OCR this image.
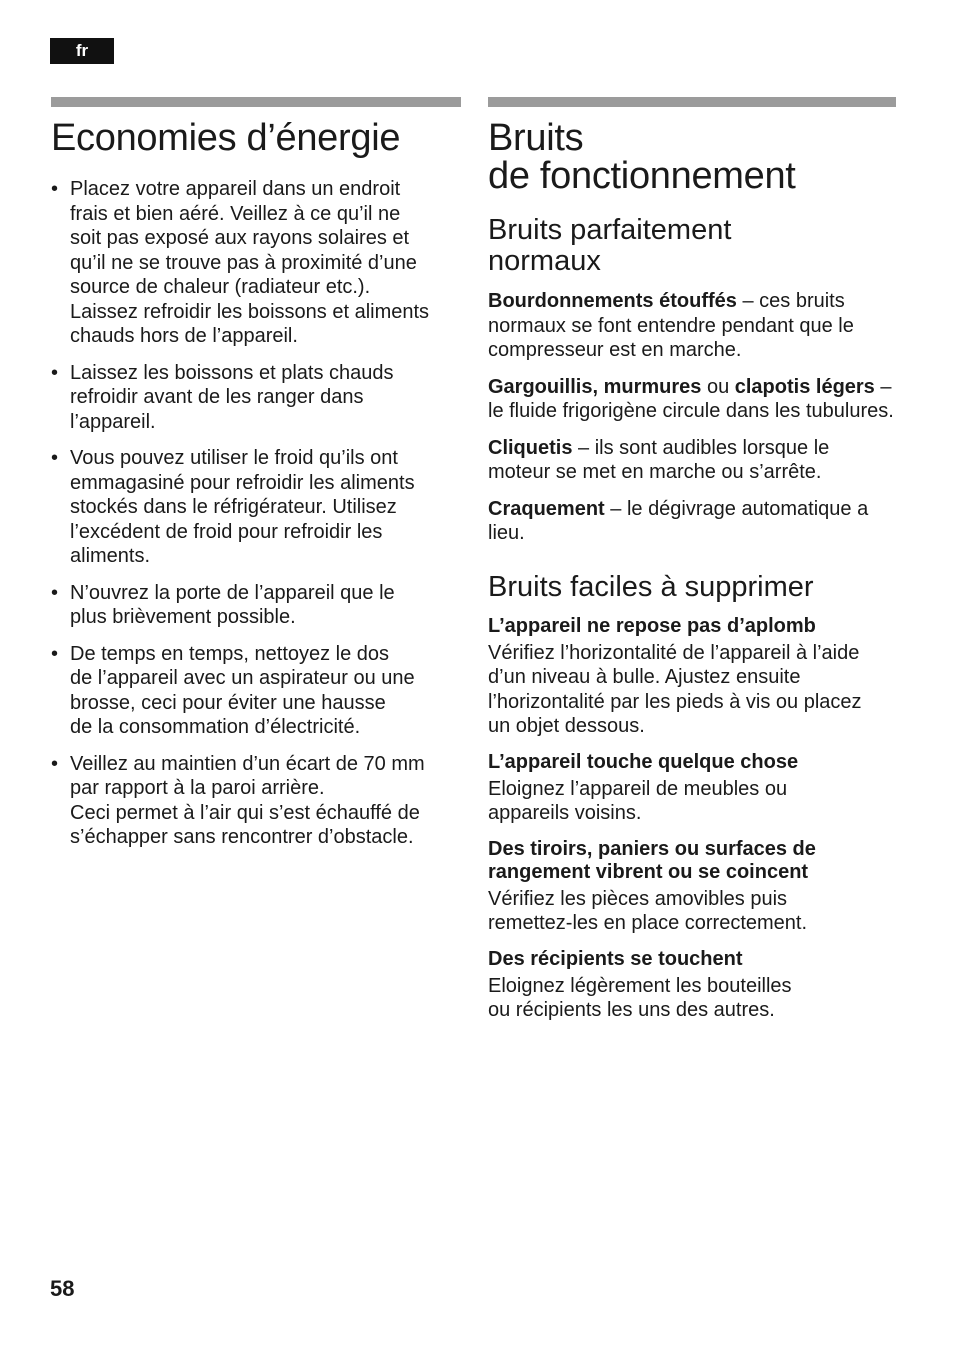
fr
Economies d’énergie
• Placez votre appareil dans un endroit
frais et bien aéré. Veillez à ce qu’il ne
soit pas exposé aux rayons solaires et
qu’il ne se trouve pas à proximité d’une
source de chaleur (radiateur etc.).
Laissez refroidir les boissons et aliments
chauds hors de l’appareil.
• Laissez les boissons et plats chauds
refroidir avant de les ranger dans
l’appareil.
• Vous pouvez utiliser le froid qu’ils ont
emmagasiné pour refroidir les aliments
stockés dans le réfrigérateur. Utilisez
l’excédent de froid pour refroidir les
aliments.
• N’ouvrez la porte de l’appareil que le
plus brièvement possible.
• De temps en temps, nettoyez le dos
de l’appareil avec un aspirateur ou une
brosse, ceci pour éviter une hausse
de la consommation d’électricité.
• Veillez au maintien d’un écart de 70 mm
par rapport à la paroi arrière.
Ceci permet à l’air qui s’est échauffé de
s’échapper sans rencontrer d’obstacle.
Bruits
de fonctionnement
Bruits parfaitement
normaux

Bourdonnements étouffés – ces bruits normaux se font entendre pendant que le compresseur est en marche.

Gargouillis, murmures ou clapotis légers – le fluide frigorigène circule dans les tubulures.

Cliquetis – ils sont audibles lorsque le moteur se met en marche ou s’arrête.

Craquement – le dégivrage automatique a lieu.

Bruits faciles à supprimer
L’appareil ne repose pas d’aplomb
Vérifiez l’horizontalité de l’appareil à l’aide
d’un niveau à bulle. Ajustez ensuite
l’horizontalité par les pieds à vis ou placez
un objet dessous.
L’appareil touche quelque chose
Eloignez l’appareil de meubles ou
appareils voisins.
Des tiroirs, paniers ou surfaces de
rangement vibrent ou se coincent
Vérifiez les pièces amovibles puis
remettez-les en place correctement.
Des récipients se touchent
Eloignez légèrement les bouteilles
ou récipients les uns des autres.
58
